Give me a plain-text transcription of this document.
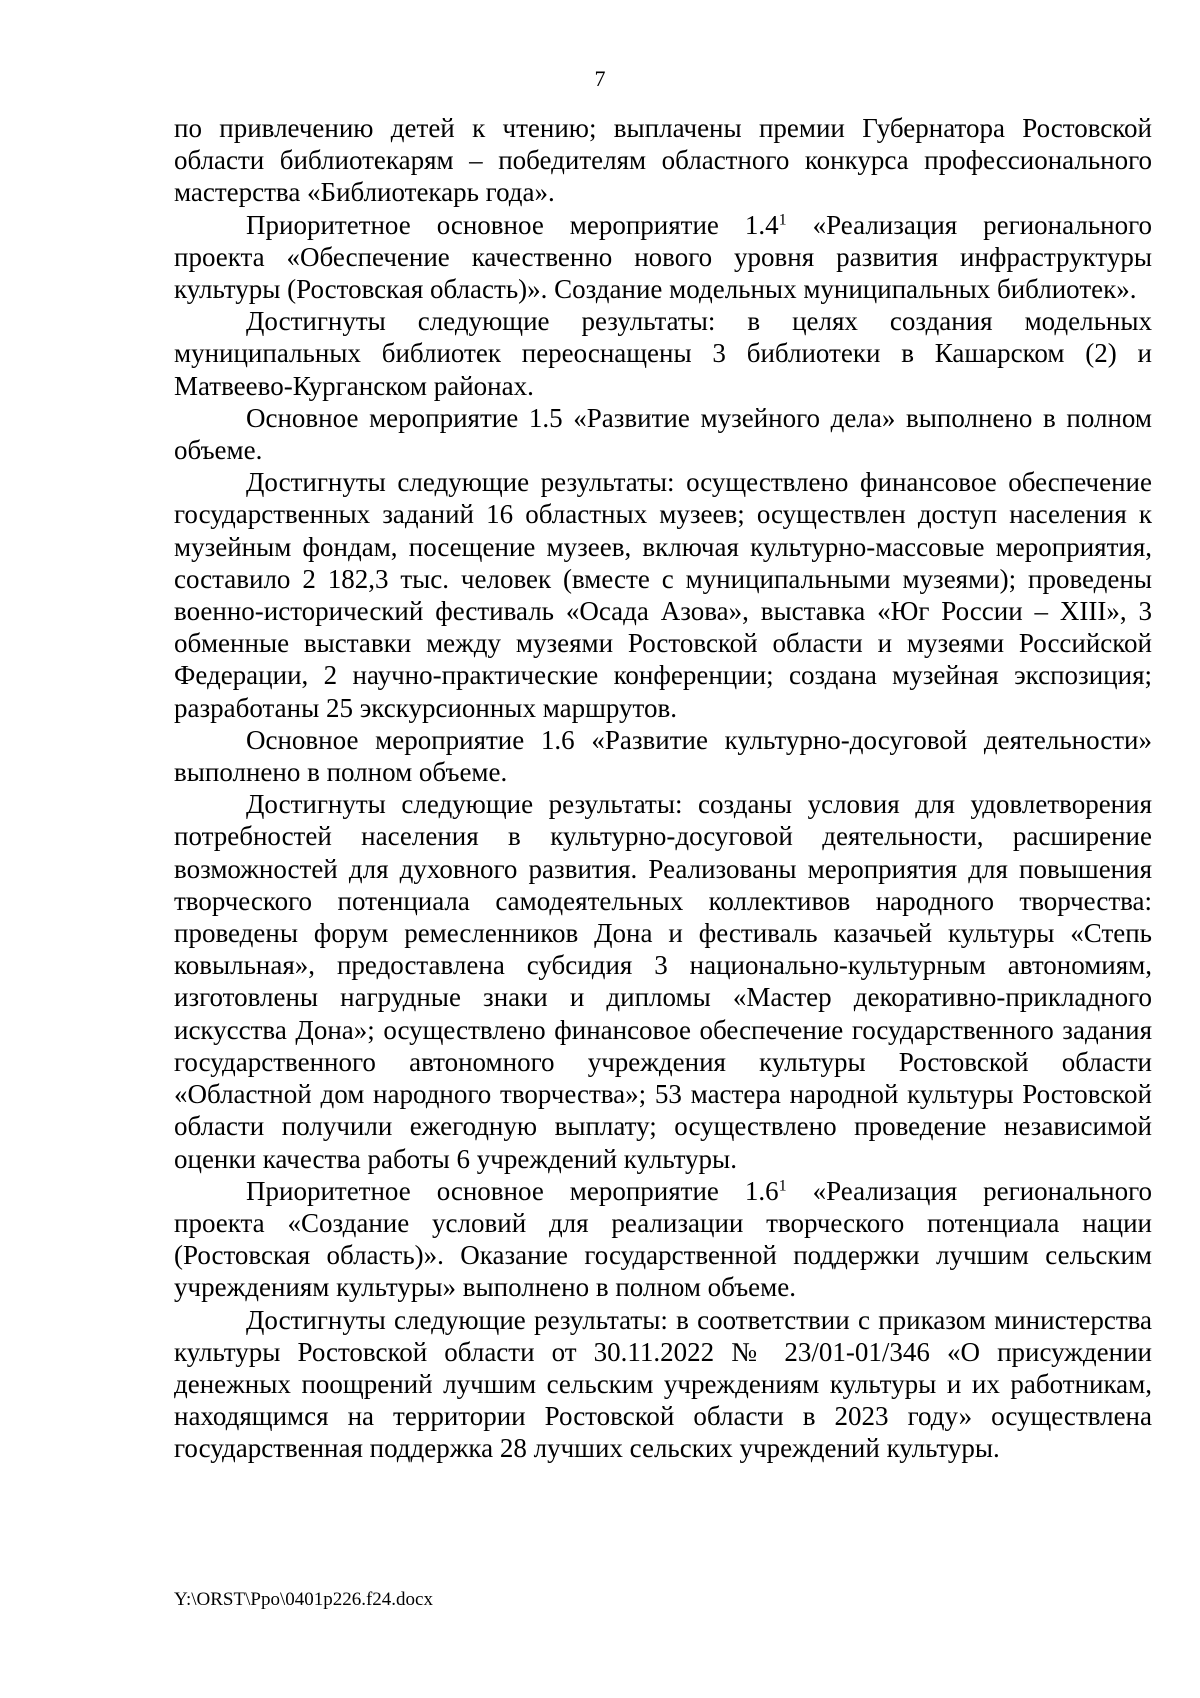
7

по привлечению детей к чтению; выплачены премии Губернатора Ростовской области библиотекарям – победителям областного конкурса профессионального мастерства «Библиотекарь года».

Приоритетное основное мероприятие $1.4^1$ «Реализация регионального проекта «Обеспечение качественно нового уровня развития инфраструктуры культуры (Ростовская область)». Создание модельных муниципальных библиотек».

Достигнуты следующие результаты: в целях создания модельных муниципальных библиотек переоснащены 3 библиотеки в Кашарском (2) и Матвеево-Курганском районах.

Основное мероприятие 1.5 «Развитие музейного дела» выполнено в полном объеме.

Достигнуты следующие результаты: осуществлено финансовое обеспечение государственных заданий 16 областных музеев; осуществлен доступ населения к музейным фондам, посещение музеев, включая культурно-массовые мероприятия, составило 2 182,3 тыс. человек (вместе с муниципальными музеями); проведены военно-исторический фестиваль «Осада Азова», выставка «Юг России – XIII», 3 обменные выставки между музеями Ростовской области и музеями Российской Федерации, 2 научно-практические конференции; создана музейная экспозиция; разработаны 25 экскурсионных маршрутов.

Основное мероприятие 1.6 «Развитие культурно-досуговой деятельности» выполнено в полном объеме.

Достигнуты следующие результаты: созданы условия для удовлетворения потребностей населения в культурно-досуговой деятельности, расширение возможностей для духовного развития. Реализованы мероприятия для повышения творческого потенциала самодеятельных коллективов народного творчества: проведены форум ремесленников Дона и фестиваль казачьей культуры «Степь ковыльная», предоставлена субсидия 3 национально-культурным автономиям, изготовлены нагрудные знаки и дипломы «Мастер декоративно-прикладного искусства Дона»; осуществлено финансовое обеспечение государственного задания государственного автономного учреждения культуры Ростовской области «Областной дом народного творчества»; 53 мастера народной культуры Ростовской области получили ежегодную выплату; осуществлено проведение независимой оценки качества работы 6 учреждений культуры.

Приоритетное основное мероприятие $1.6^1$ «Реализация регионального проекта «Создание условий для реализации творческого потенциала нации (Ростовская область)». Оказание государственной поддержки лучшим сельским учреждениям культуры» выполнено в полном объеме.

Достигнуты следующие результаты: в соответствии с приказом министерства культуры Ростовской области от 30.11.2022 № 23/01-01/346 «О присуждении денежных поощрений лучшим сельским учреждениям культуры и их работникам, находящимся на территории Ростовской области в 2023 году» осуществлена государственная поддержка 28 лучших сельских учреждений культуры.

Y:\ORST\Ppo\0401p226.f24.docx
